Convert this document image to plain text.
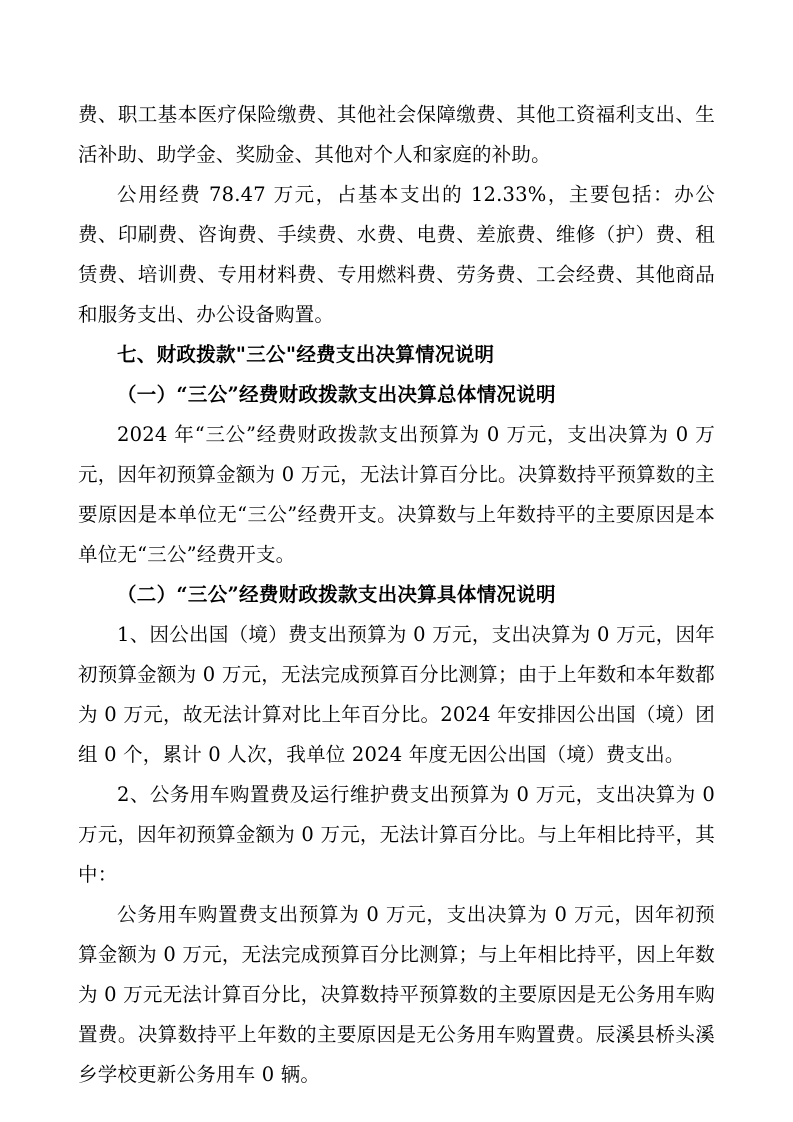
费、职工基本医疗保险缴费、其他社会保障缴费、其他工资福利支出、生活补助、助学金、奖励金、其他对个人和家庭的补助。

公用经费 78.47 万元，占基本支出的 12.33%，主要包括：办公费、印刷费、咨询费、手续费、水费、电费、差旅费、维修（护）费、租赁费、培训费、专用材料费、专用燃料费、劳务费、工会经费、其他商品和服务支出、办公设备购置。

七、财政拨款"三公"经费支出决算情况说明

（一）“三公”经费财政拨款支出决算总体情况说明

2024 年“三公”经费财政拨款支出预算为 0 万元，支出决算为 0 万元，因年初预算金额为 0 万元，无法计算百分比。决算数持平预算数的主要原因是本单位无“三公”经费开支。决算数与上年数持平的主要原因是本单位无“三公”经费开支。

（二）“三公”经费财政拨款支出决算具体情况说明

1、因公出国（境）费支出预算为 0 万元，支出决算为 0 万元，因年初预算金额为 0 万元，无法完成预算百分比测算；由于上年数和本年数都为 0 万元，故无法计算对比上年百分比。2024 年安排因公出国（境）团组 0 个，累计 0 人次，我单位 2024 年度无因公出国（境）费支出。

2、公务用车购置费及运行维护费支出预算为 0 万元，支出决算为 0 万元，因年初预算金额为 0 万元，无法计算百分比。与上年相比持平，其中：

公务用车购置费支出预算为 0 万元，支出决算为 0 万元，因年初预算金额为 0 万元，无法完成预算百分比测算；与上年相比持平，因上年数为 0 万元无法计算百分比，决算数持平预算数的主要原因是无公务用车购置费。决算数持平上年数的主要原因是无公务用车购置费。辰溪县桥头溪乡学校更新公务用车 0 辆。
